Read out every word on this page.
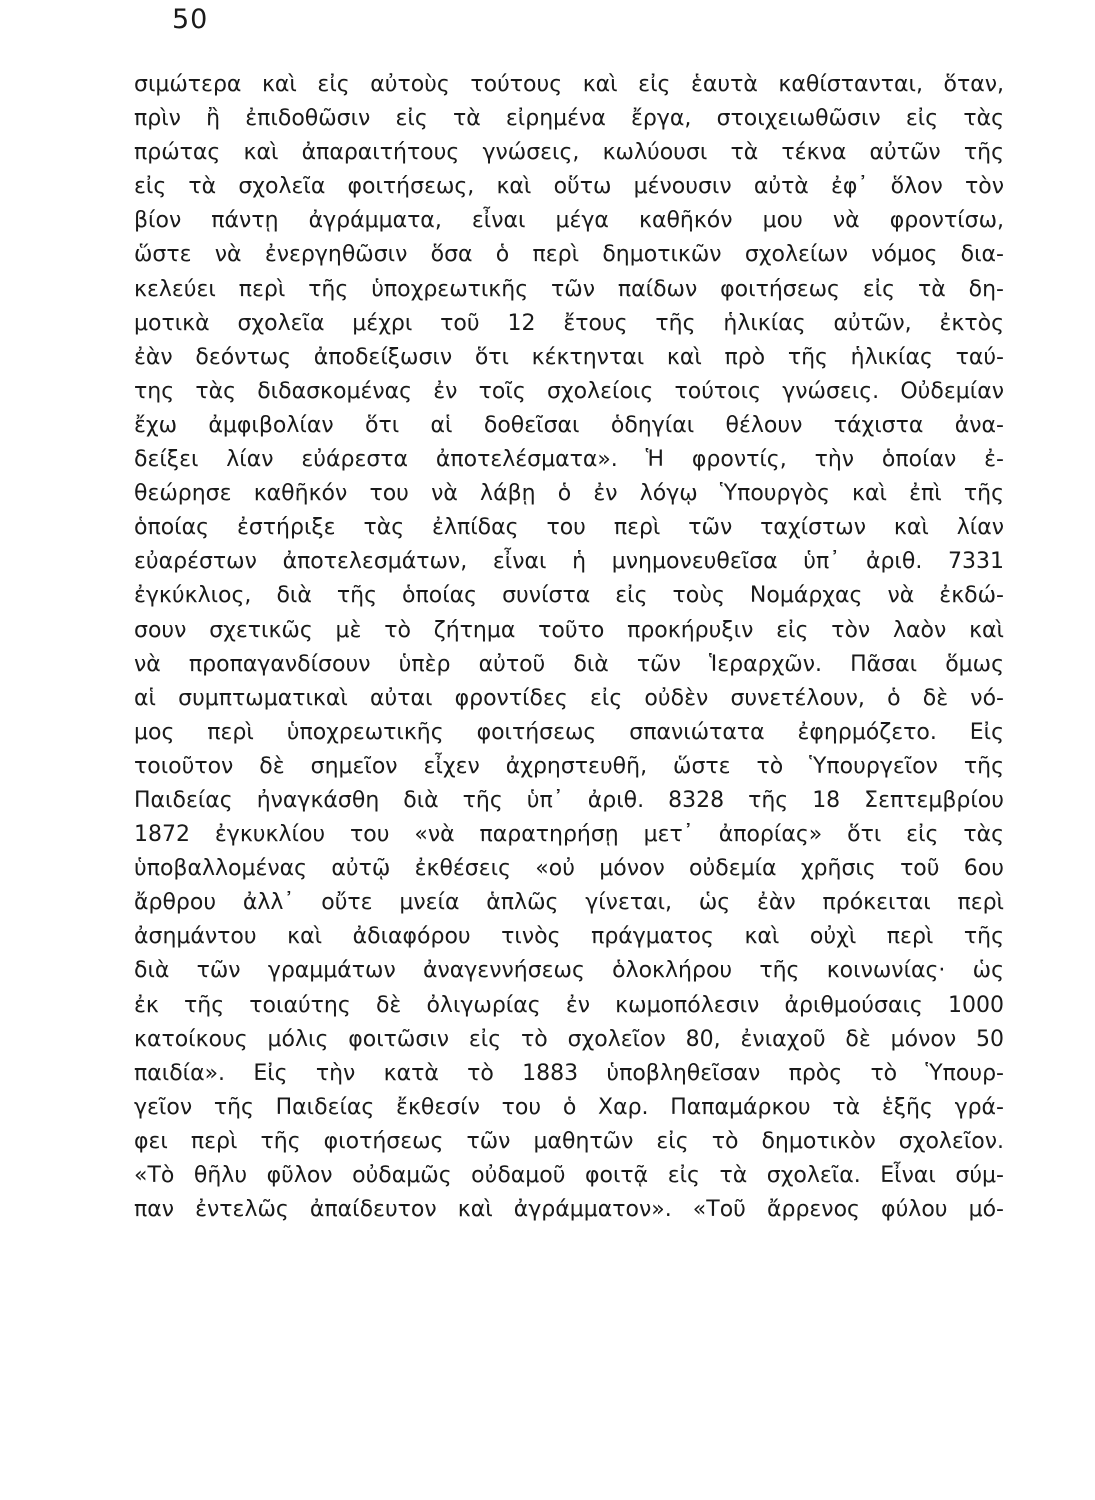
50
σιμώτερα καὶ εἰς αὐτοὺς τούτους καὶ εἰς ἑαυτὰ καθίστανται, ὅταν,
πρὶν ἢ ἐπιδοθῶσιν εἰς τὰ εἰρημένα ἔργα, στοιχειωθῶσιν εἰς τὰς
πρώτας καὶ ἀπαραιτήτους γνώσεις, κωλύουσι τὰ τέκνα αὐτῶν τῆς
εἰς τὰ σχολεῖα φοιτήσεως, καὶ οὕτω μένουσιν αὐτὰ ἐφ᾽ ὅλον τὸν
βίον πάντῃ ἀγράμματα, εἶναι μέγα καθῆκόν μου νὰ φροντίσω,
ὥστε νὰ ἐνεργηθῶσιν ὅσα ὁ περὶ δημοτικῶν σχολείων νόμος δια-
κελεύει περὶ τῆς ὑποχρεωτικῆς τῶν παίδων φοιτήσεως εἰς τὰ δη-
μοτικὰ σχολεῖα μέχρι τοῦ 12 ἔτους τῆς ἡλικίας αὐτῶν, ἐκτὸς
ἐὰν δεόντως ἀποδείξωσιν ὅτι κέκτηνται καὶ πρὸ τῆς ἡλικίας ταύ-
της τὰς διδασκομένας ἐν τοῖς σχολείοις τούτοις γνώσεις. Οὐδεμίαν
ἔχω ἀμφιβολίαν ὅτι αἱ δοθεῖσαι ὁδηγίαι θέλουν τάχιστα ἀνα-
δείξει λίαν εὐάρεστα ἀποτελέσματα». Ἡ φροντίς, τὴν ὁποίαν ἐ-
θεώρησε καθῆκόν του νὰ λάβῃ ὁ ἐν λόγῳ Ὑπουργὸς καὶ ἐπὶ τῆς
ὁποίας ἐστήριξε τὰς ἐλπίδας του περὶ τῶν ταχίστων καὶ λίαν
εὐαρέστων ἀποτελεσμάτων, εἶναι ἡ μνημονευθεῖσα ὑπ᾽ ἀριθ. 7331
ἐγκύκλιος, διὰ τῆς ὁποίας συνίστα εἰς τοὺς Νομάρχας νὰ ἐκδώ-
σουν σχετικῶς μὲ τὸ ζήτημα τοῦτο προκήρυξιν εἰς τὸν λαὸν καὶ
νὰ προπαγανδίσουν ὑπὲρ αὐτοῦ διὰ τῶν Ἱεραρχῶν. Πᾶσαι ὅμως
αἱ συμπτωματικαὶ αὐται φροντίδες εἰς οὐδὲν συνετέλουν, ὁ δὲ νό-
μος περὶ ὑποχρεωτικῆς φοιτήσεως σπανιώτατα ἐφηρμόζετο. Εἰς
τοιοῦτον δὲ σημεῖον εἶχεν ἀχρηστευθῆ, ὥστε τὸ Ὑπουργεῖον τῆς
Παιδείας ἠναγκάσθη διὰ τῆς ὑπ᾽ ἀριθ. 8328 τῆς 18 Σεπτεμβρίου
1872 ἐγκυκλίου του «νὰ παρατηρήσῃ μετ᾽ ἀπορίας» ὅτι εἰς τὰς
ὑποβαλλομένας αὐτῷ ἐκθέσεις «οὐ μόνον οὐδεμία χρῆσις τοῦ 6ου
ἄρθρου ἀλλ᾽ οὔτε μνεία ἁπλῶς γίνεται, ὡς ἐὰν πρόκειται περὶ
ἀσημάντου καὶ ἀδιαφόρου τινὸς πράγματος καὶ οὐχὶ περὶ τῆς
διὰ τῶν γραμμάτων ἀναγεννήσεως ὁλοκλήρου τῆς κοινωνίας· ὡς
ἐκ τῆς τοιαύτης δὲ ὀλιγωρίας ἐν κωμοπόλεσιν ἀριθμούσαις 1000
κατοίκους μόλις φοιτῶσιν εἰς τὸ σχολεῖον 80, ἐνιαχοῦ δὲ μόνον 50
παιδία». Εἰς τὴν κατὰ τὸ 1883 ὑποβληθεῖσαν πρὸς τὸ Ὑπουρ-
γεῖον τῆς Παιδείας ἔκθεσίν του ὁ Χαρ. Παπαμάρκου τὰ ἑξῆς γρά-
φει περὶ τῆς φιοτήσεως τῶν μαθητῶν εἰς τὸ δημοτικὸν σχολεῖον.
«Τὸ θῆλυ φῦλον οὐδαμῶς οὐδαμοῦ φοιτᾷ εἰς τὰ σχολεῖα. Εἶναι σύμ-
παν ἐντελῶς ἀπαίδευτον καὶ ἀγράμματον». «Τοῦ ἄρρενος φύλου μό-
